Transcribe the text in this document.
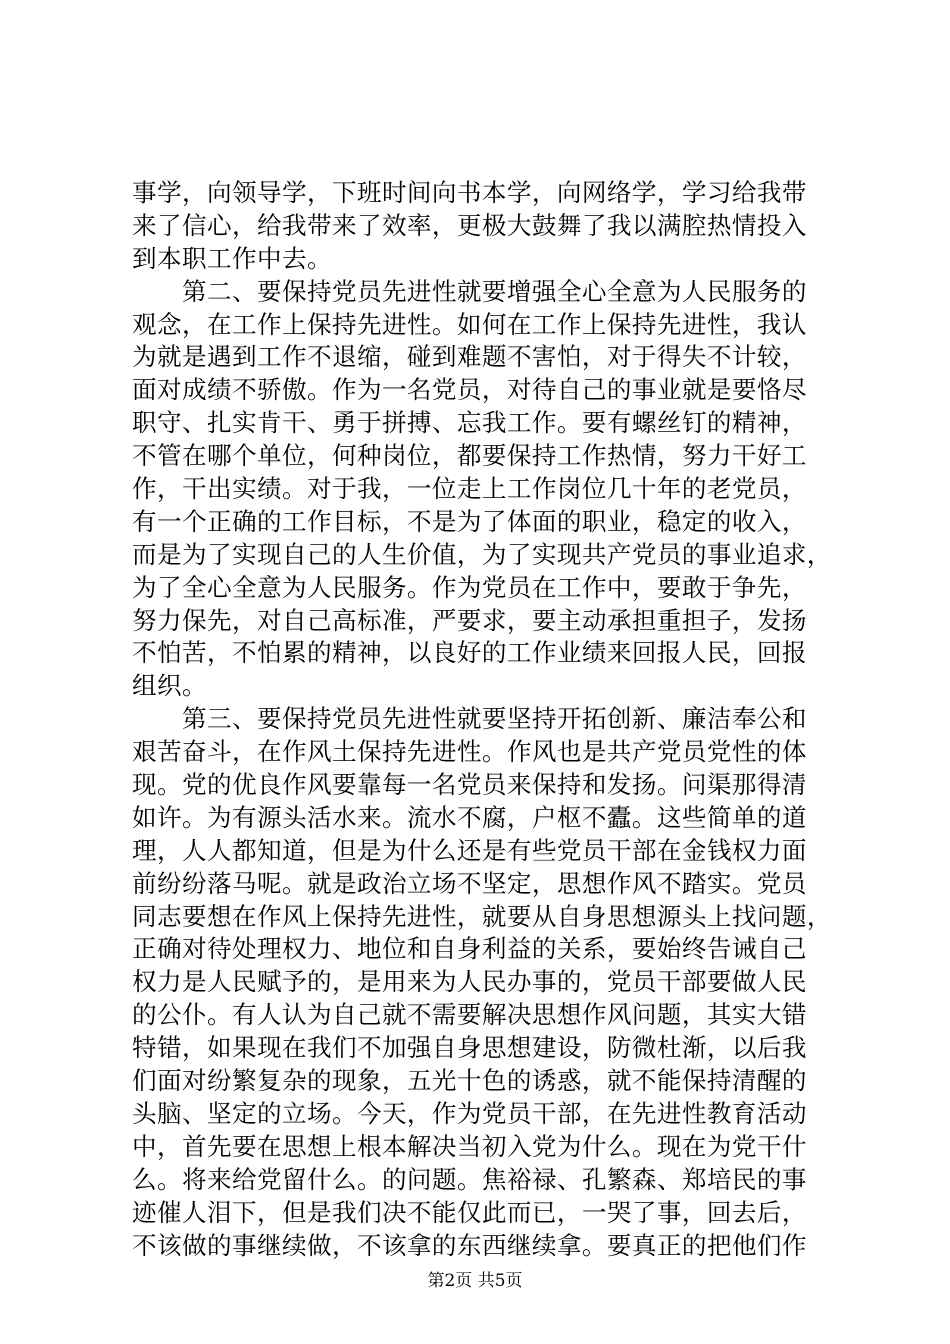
事学，向领导学，下班时间向书本学，向网络学，学习给我带
来了信心，给我带来了效率，更极大鼓舞了我以满腔热情投入
到本职工作中去。
　　第二、要保持党员先进性就要增强全心全意为人民服务的
观念，在工作上保持先进性。如何在工作上保持先进性，我认
为就是遇到工作不退缩，碰到难题不害怕，对于得失不计较，
面对成绩不骄傲。作为一名党员，对待自己的事业就是要恪尽
职守、扎实肯干、勇于拼搏、忘我工作。要有螺丝钉的精神，
不管在哪个单位，何种岗位，都要保持工作热情，努力干好工
作，干出实绩。对于我，一位走上工作岗位几十年的老党员，
有一个正确的工作目标，不是为了体面的职业，稳定的收入，
而是为了实现自己的人生价值，为了实现共产党员的事业追求，
为了全心全意为人民服务。作为党员在工作中，要敢于争先，
努力保先，对自己高标准，严要求，要主动承担重担子，发扬
不怕苦，不怕累的精神，以良好的工作业绩来回报人民，回报
组织。
　　第三、要保持党员先进性就要坚持开拓创新、廉洁奉公和
艰苦奋斗，在作风土保持先进性。作风也是共产党员党性的体
现。党的优良作风要靠每一名党员来保持和发扬。问渠那得清
如许。为有源头活水来。流水不腐，户枢不蠹。这些简单的道
理，人人都知道，但是为什么还是有些党员干部在金钱权力面
前纷纷落马呢。就是政治立场不坚定，思想作风不踏实。党员
同志要想在作风上保持先进性，就要从自身思想源头上找问题，
正确对待处理权力、地位和自身利益的关系，要始终告诫自己
权力是人民赋予的，是用来为人民办事的，党员干部要做人民
的公仆。有人认为自己就不需要解决思想作风问题，其实大错
特错，如果现在我们不加强自身思想建设，防微杜渐，以后我
们面对纷繁复杂的现象，五光十色的诱惑，就不能保持清醒的
头脑、坚定的立场。今天，作为党员干部，在先进性教育活动
中，首先要在思想上根本解决当初入党为什么。现在为党干什
么。将来给党留什么。的问题。焦裕禄、孔繁森、郑培民的事
迹催人泪下，但是我们决不能仅此而已，一哭了事，回去后，
不该做的事继续做，不该拿的东西继续拿。要真正的把他们作
第2页 共5页
